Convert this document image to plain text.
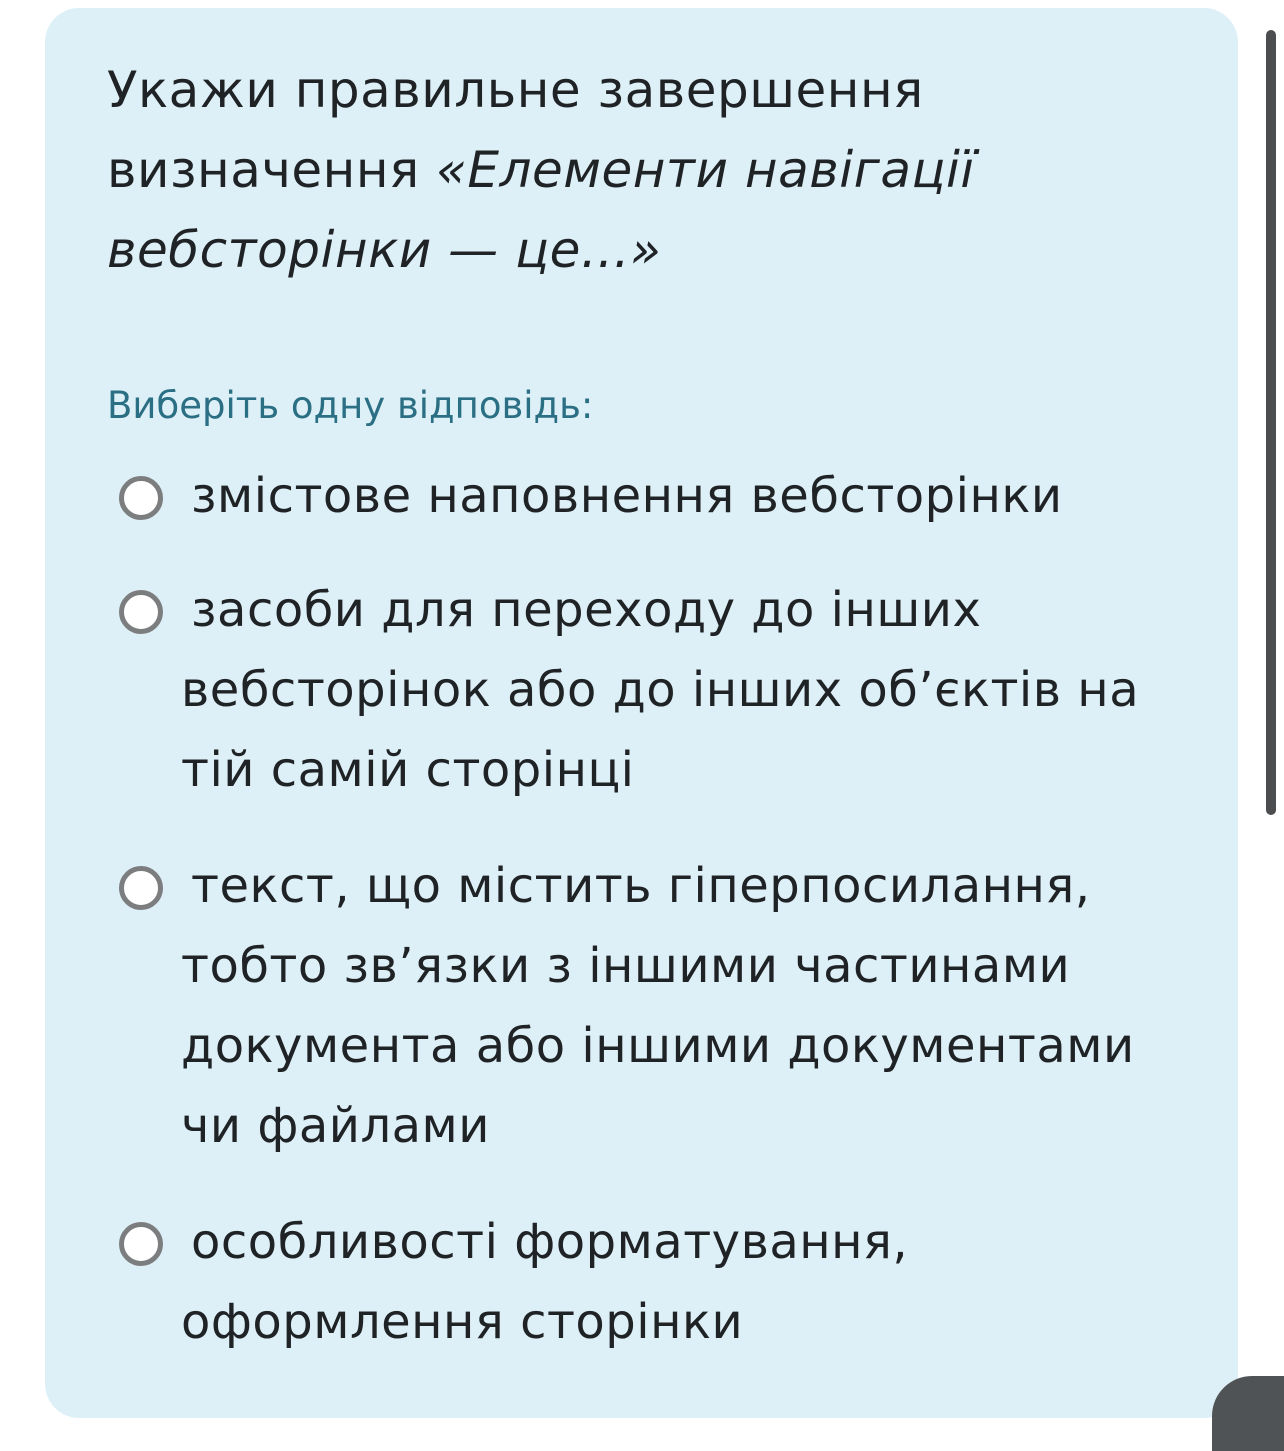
Укажи правильне завершення визначення «Елементи навігації вебсторінки — це...»
Виберіть одну відповідь:
змістове наповнення вебсторінки
засоби для переходу до інших вебсторінок або до інших об’єктів на тій самій сторінці
текст, що містить гіперпосилання, тобто зв’язки з іншими частинами документа або іншими документами чи файлами
особливості форматування, оформлення сторінки
